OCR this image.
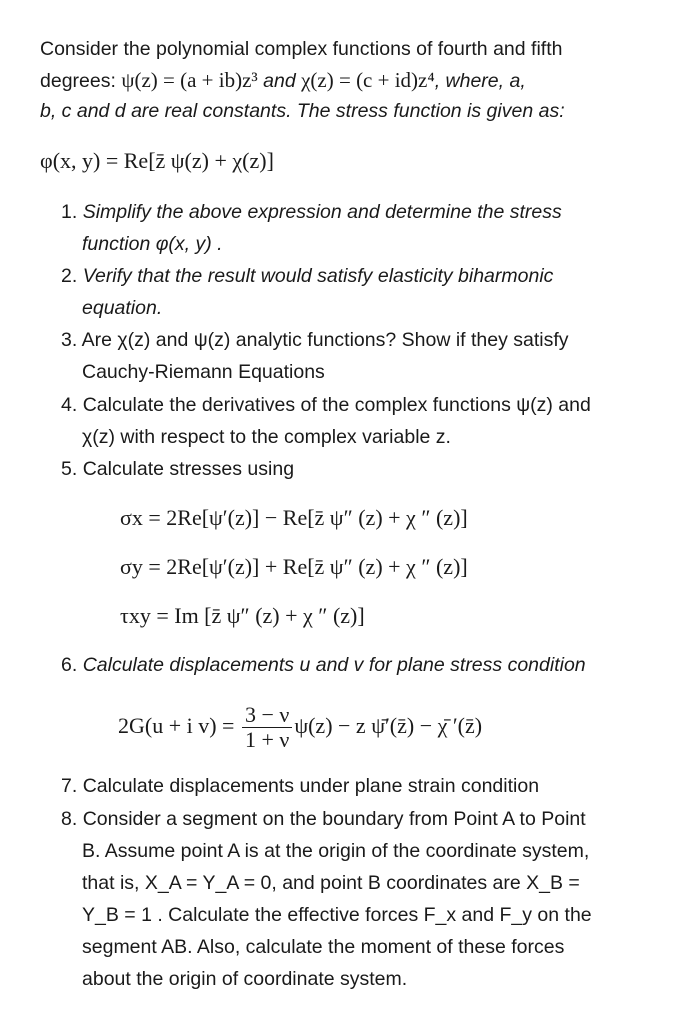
Consider the polynomial complex functions of fourth and fifth
degrees: ψ(z) = (a + ib)z³ and χ(z) = (c + id)z⁴, where, a,
b, c and d are real constants. The stress function is given as:
φ(x, y) = Re[z̄ ψ(z) + χ(z)]
1. Simplify the above expression and determine the stress
function φ(x, y) .
2. Verify that the result would satisfy elasticity biharmonic
equation.
3. Are χ(z) and ψ(z) analytic functions? Show if they satisfy
Cauchy-Riemann Equations
4. Calculate the derivatives of the complex functions ψ(z) and
χ(z) with respect to the complex variable z.
5. Calculate stresses using
σx = 2Re[ψ′(z)] − Re[z̄ ψ″ (z) + χ ″ (z)]
σy = 2Re[ψ′(z)] + Re[z̄ ψ″ (z) + χ ″ (z)]
τxy = Im [z̄ ψ″ (z) + χ ″ (z)]
6. Calculate displacements u and v for plane stress condition
2G(u + i $v) = \frac{3 - \nu}{1 + \nu} \psi(z) - z$ ψ̄′(z̄) − χ̄ ′(z̄)
7. Calculate displacements under plane strain condition
8. Consider a segment on the boundary from Point A to Point
B. Assume point A is at the origin of the coordinate system,
that is, X_A = Y_A = 0, and point B coordinates are X_B =
Y_B = 1 . Calculate the effective forces F_x and F_y on the
segment AB. Also, calculate the moment of these forces
about the origin of coordinate system.
